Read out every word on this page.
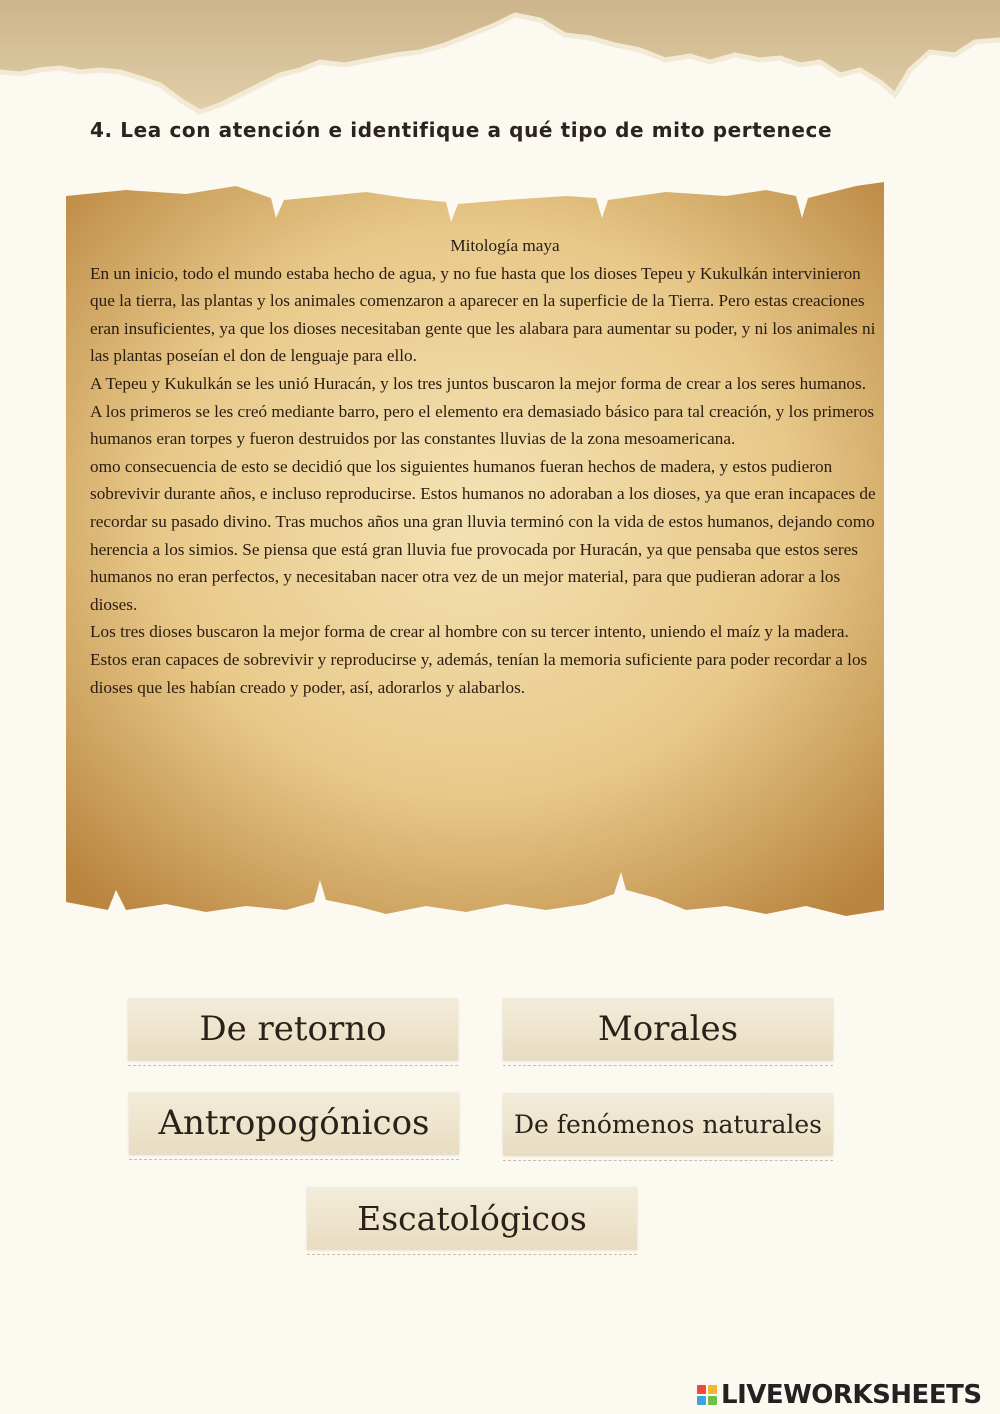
4. Lea con atención e identifique a qué tipo de mito pertenece

Mitología maya

En un inicio, todo el mundo estaba hecho de agua, y no fue hasta que los dioses Tepeu y Kukulkán intervinieron que la tierra, las plantas y los animales comenzaron a aparecer en la superficie de la Tierra. Pero estas creaciones eran insuficientes, ya que los dioses necesitaban gente que les alabara para aumentar su poder, y ni los animales ni las plantas poseían el don de lenguaje para ello.

A Tepeu y Kukulkán se les unió Huracán, y los tres juntos buscaron la mejor forma de crear a los seres humanos. A los primeros se les creó mediante barro, pero el elemento era demasiado básico para tal creación, y los primeros humanos eran torpes y fueron destruidos por las constantes lluvias de la zona mesoamericana.

omo consecuencia de esto se decidió que los siguientes humanos fueran hechos de madera, y estos pudieron sobrevivir durante años, e incluso reproducirse. Estos humanos no adoraban a los dioses, ya que eran incapaces de recordar su pasado divino. Tras muchos años una gran lluvia terminó con la vida de estos humanos, dejando como herencia a los simios. Se piensa que está gran lluvia fue provocada por Huracán, ya que pensaba que estos seres humanos no eran perfectos, y necesitaban nacer otra vez de un mejor material, para que pudieran adorar a los dioses.

Los tres dioses buscaron la mejor forma de crear al hombre con su tercer intento, uniendo el maíz y la madera. Estos eran capaces de sobrevivir y reproducirse y, además, tenían la memoria suficiente para poder recordar a los dioses que les habían creado y poder, así, adorarlos y alabarlos.

De retorno	Morales
Antropogónicos	De fenómenos naturales
Escatológicos
LIVEWORKSHEETS
